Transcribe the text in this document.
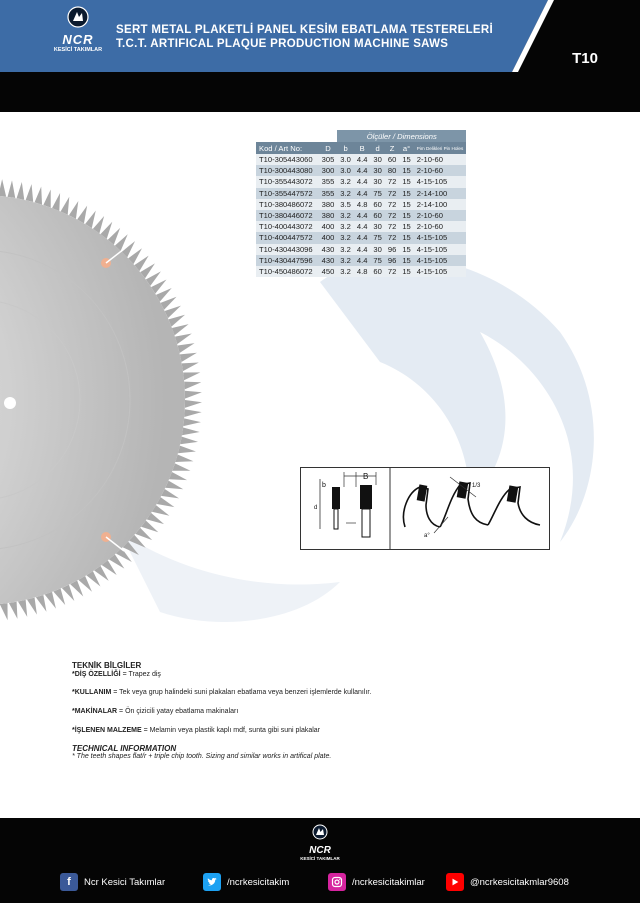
NCR
KESİCİ TAKIMLAR
SERT METAL PLAKETLİ PANEL KESİM EBATLAMA TESTERELERİ
T.C.T. ARTIFICAL PLAQUE PRODUCTION MACHINE SAWS
T10
		Ölçüler / Dimensions					
Kod / Art No:	D	b	B	d	Z	a°	Pim Delikleri Pin Holes
T10-305443060	305	3.0	4.4	30	60	15	2-10-60
T10-300443080	300	3.0	4.4	30	80	15	2-10-60
T10-355443072	355	3.2	4.4	30	72	15	4-15-105
T10-355447572	355	3.2	4.4	75	72	15	2-14-100
T10-380486072	380	3.5	4.8	60	72	15	2-14-100
T10-380446072	380	3.2	4.4	60	72	15	2-10-60
T10-400443072	400	3.2	4.4	30	72	15	2-10-60
T10-400447572	400	3.2	4.4	75	72	15	4-15-105
T10-430443096	430	3.2	4.4	30	96	15	4-15-105
T10-430447596	430	3.2	4.4	75	96	15	4-15-105
T10-450486072	450	3.2	4.8	60	72	15	4-15-105
B
b
d
1/3
a°
TEKNİK BİLGİLER

*DİŞ ÖZELLİĞİ = Trapez diş

*KULLANIM = Tek veya grup halindeki suni plakaları ebatlama veya benzeri işlemlerde kullanılır.

*MAKİNALAR = Ön çizicili yatay ebatlama makinaları

*İŞLENEN MALZEME = Melamin veya plastik kaplı mdf, sunta gibi suni plakalar

TECHNICAL INFORMATION

* The teeth shapes flat/r + triple chip tooth. Sizing and similar works in artifical plate.

NCR
KESİCİ TAKIMLAR
f	Ncr Kesici Takımlar	/ncrkesicitakim	/ncrkesicitakimlar	@ncrkesicitakmlar9608
